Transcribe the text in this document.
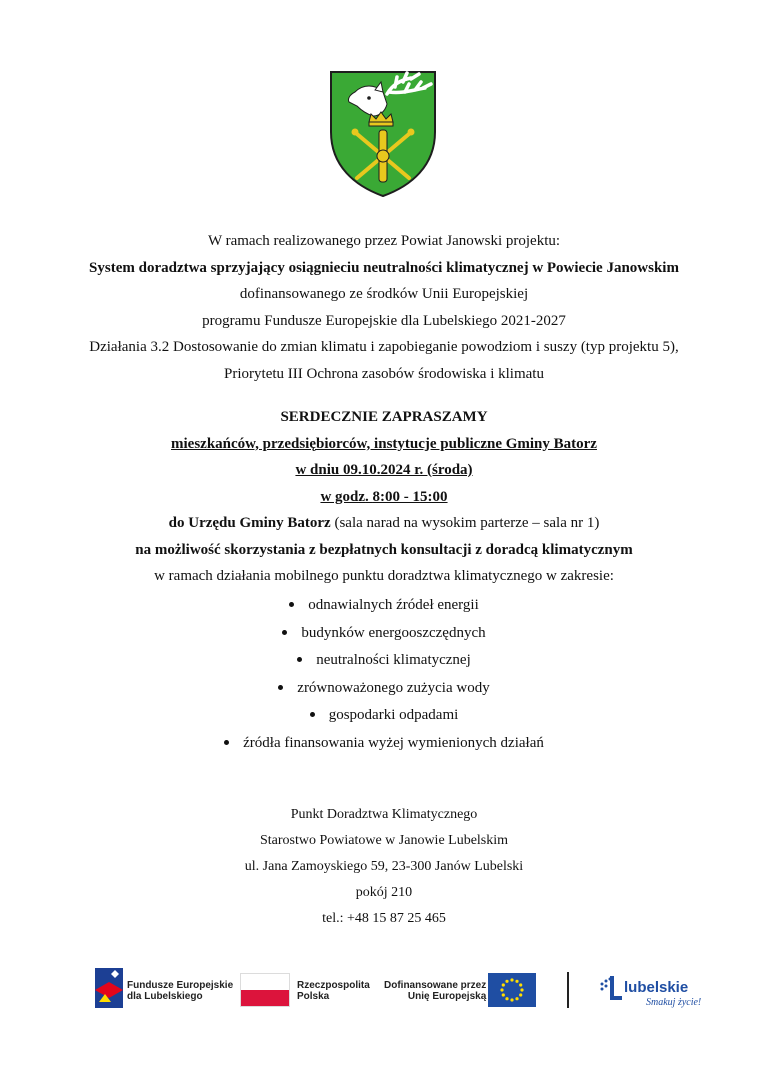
W ramach realizowanego przez Powiat Janowski projektu:

System doradztwa sprzyjający osiągnieciu neutralności klimatycznej w Powiecie Janowskim

dofinansowanego ze środków Unii Europejskiej

programu Fundusze Europejskie dla Lubelskiego 2021-2027

Działania 3.2 Dostosowanie do zmian klimatu i zapobieganie powodziom i suszy (typ projektu 5),

Priorytetu III Ochrona zasobów środowiska i klimatu

SERDECZNIE ZAPRASZAMY

mieszkańców, przedsiębiorców, instytucje publiczne Gminy Batorz

w dniu 09.10.2024 r. (środa)

w godz. 8:00 - 15:00

do Urzędu Gminy Batorz (sala narad na wysokim parterze – sala nr 1)

na możliwość skorzystania z bezpłatnych konsultacji z doradcą klimatycznym

w ramach działania mobilnego punktu doradztwa klimatycznego w zakresie:

odnawialnych źródeł energii
budynków energooszczędnych
neutralności klimatycznej
zrównoważonego zużycia wody
gospodarki odpadami
źródła finansowania wyżej wymienionych działań

Punkt Doradztwa Klimatycznego

Starostwo Powiatowe w Janowie Lubelskim

ul. Jana Zamoyskiego 59, 23-300 Janów Lubelski

pokój 210

tel.: +48 15 87 25 465

Fundusze Europejskie
dla Lubelskiego
Rzeczpospolita
Polska
Dofinansowane przez
Unię Europejską
lubelskie
Smakuj życie!
